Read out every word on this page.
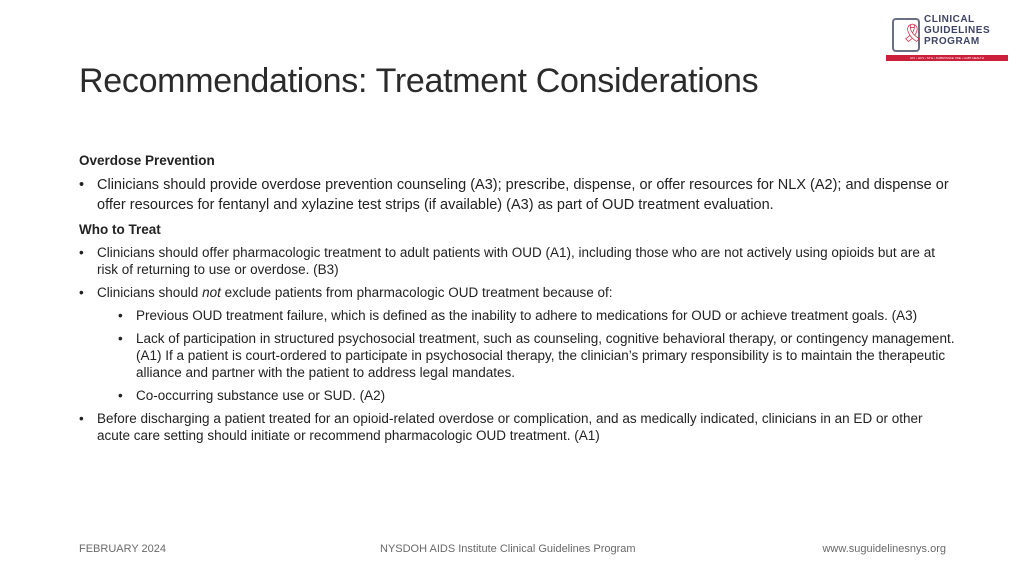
Recommendations: Treatment Considerations
🎗
CLINICAL
GUIDELINES
PROGRAM
HIV • HCV • STIs • SUBSTANCE USE • LGBT HEALTH
Overdose Prevention
• Clinicians should provide overdose prevention counseling (A3); prescribe, dispense, or offer resources for NLX (A2); and dispense or offer resources for fentanyl and xylazine test strips (if available) (A3) as part of OUD treatment evaluation.
Who to Treat
• Clinicians should offer pharmacologic treatment to adult patients with OUD (A1), including those who are not actively using opioids but are at risk of returning to use or overdose. (B3)
• Clinicians should not exclude patients from pharmacologic OUD treatment because of:
• Previous OUD treatment failure, which is defined as the inability to adhere to medications for OUD or achieve treatment goals. (A3)
• Lack of participation in structured psychosocial treatment, such as counseling, cognitive behavioral therapy, or contingency management. (A1) If a patient is court-ordered to participate in psychosocial therapy, the clinician’s primary responsibility is to maintain the therapeutic alliance and partner with the patient to address legal mandates.
• Co-occurring substance use or SUD. (A2)
• Before discharging a patient treated for an opioid-related overdose or complication, and as medically indicated, clinicians in an ED or other acute care setting should initiate or recommend pharmacologic OUD treatment. (A1)
FEBRUARY 2024	NYSDOH AIDS Institute Clinical Guidelines Program	www.suguidelinesnys.org
